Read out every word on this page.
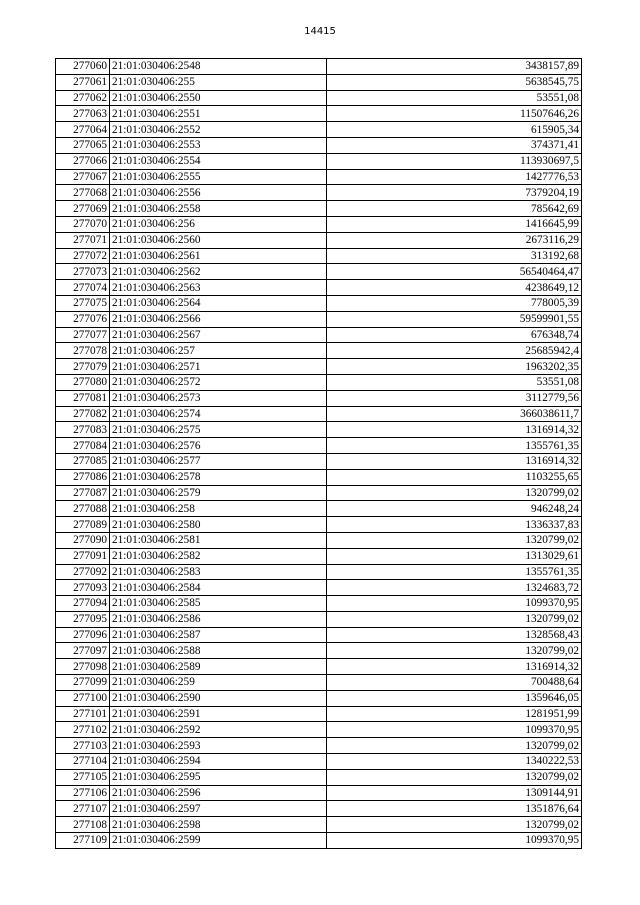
14415
277060	21:01:030406:2548	3438157,89
277061	21:01:030406:255	5638545,75
277062	21:01:030406:2550	53551,08
277063	21:01:030406:2551	11507646,26
277064	21:01:030406:2552	615905,34
277065	21:01:030406:2553	374371,41
277066	21:01:030406:2554	113930697,5
277067	21:01:030406:2555	1427776,53
277068	21:01:030406:2556	7379204,19
277069	21:01:030406:2558	785642,69
277070	21:01:030406:256	1416645,99
277071	21:01:030406:2560	2673116,29
277072	21:01:030406:2561	313192,68
277073	21:01:030406:2562	56540464,47
277074	21:01:030406:2563	4238649,12
277075	21:01:030406:2564	778005,39
277076	21:01:030406:2566	59599901,55
277077	21:01:030406:2567	676348,74
277078	21:01:030406:257	25685942,4
277079	21:01:030406:2571	1963202,35
277080	21:01:030406:2572	53551,08
277081	21:01:030406:2573	3112779,56
277082	21:01:030406:2574	366038611,7
277083	21:01:030406:2575	1316914,32
277084	21:01:030406:2576	1355761,35
277085	21:01:030406:2577	1316914,32
277086	21:01:030406:2578	1103255,65
277087	21:01:030406:2579	1320799,02
277088	21:01:030406:258	946248,24
277089	21:01:030406:2580	1336337,83
277090	21:01:030406:2581	1320799,02
277091	21:01:030406:2582	1313029,61
277092	21:01:030406:2583	1355761,35
277093	21:01:030406:2584	1324683,72
277094	21:01:030406:2585	1099370,95
277095	21:01:030406:2586	1320799,02
277096	21:01:030406:2587	1328568,43
277097	21:01:030406:2588	1320799,02
277098	21:01:030406:2589	1316914,32
277099	21:01:030406:259	700488,64
277100	21:01:030406:2590	1359646,05
277101	21:01:030406:2591	1281951,99
277102	21:01:030406:2592	1099370,95
277103	21:01:030406:2593	1320799,02
277104	21:01:030406:2594	1340222,53
277105	21:01:030406:2595	1320799,02
277106	21:01:030406:2596	1309144,91
277107	21:01:030406:2597	1351876,64
277108	21:01:030406:2598	1320799,02
277109	21:01:030406:2599	1099370,95
